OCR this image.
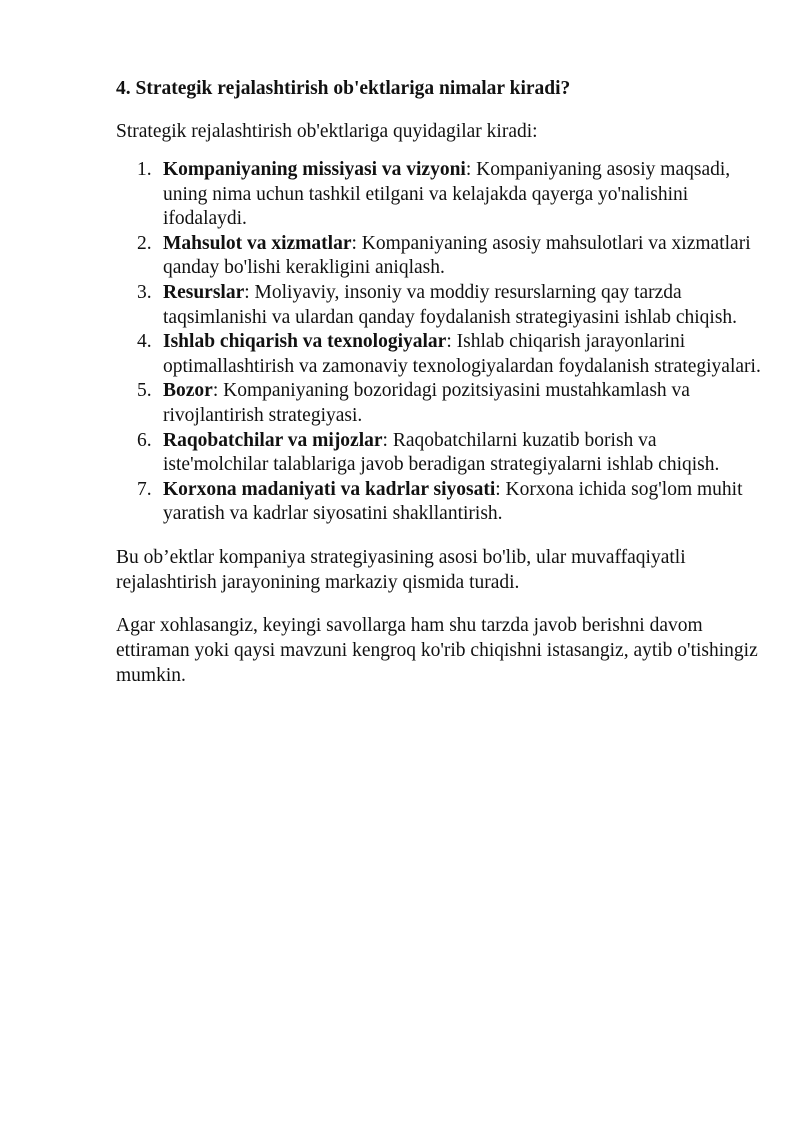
4. Strategik rejalashtirish ob'ektlariga nimalar kiradi?

Strategik rejalashtirish ob'ektlariga quyidagilar kiradi:

1. Kompaniyaning missiyasi va vizyoni: Kompaniyaning asosiy maqsadi, uning nima uchun tashkil etilgani va kelajakda qayerga yo'nalishini ifodalaydi.
2. Mahsulot va xizmatlar: Kompaniyaning asosiy mahsulotlari va xizmatlari qanday bo'lishi kerakligini aniqlash.
3. Resurslar: Moliyaviy, insoniy va moddiy resurslarning qay tarzda taqsimlanishi va ulardan qanday foydalanish strategiyasini ishlab chiqish.
4. Ishlab chiqarish va texnologiyalar: Ishlab chiqarish jarayonlarini optimallashtirish va zamonaviy texnologiyalardan foydalanish strategiyalari.
5. Bozor: Kompaniyaning bozoridagi pozitsiyasini mustahkamlash va rivojlantirish strategiyasi.
6. Raqobatchilar va mijozlar: Raqobatchilarni kuzatib borish va iste'molchilar talablariga javob beradigan strategiyalarni ishlab chiqish.
7. Korxona madaniyati va kadrlar siyosati: Korxona ichida sog'lom muhit yaratish va kadrlar siyosatini shakllantirish.

Bu ob’ektlar kompaniya strategiyasining asosi bo'lib, ular muvaffaqiyatli rejalashtirish jarayonining markaziy qismida turadi.

Agar xohlasangiz, keyingi savollarga ham shu tarzda javob berishni davom ettiraman yoki qaysi mavzuni kengroq ko'rib chiqishni istasangiz, aytib o'tishingiz mumkin.
